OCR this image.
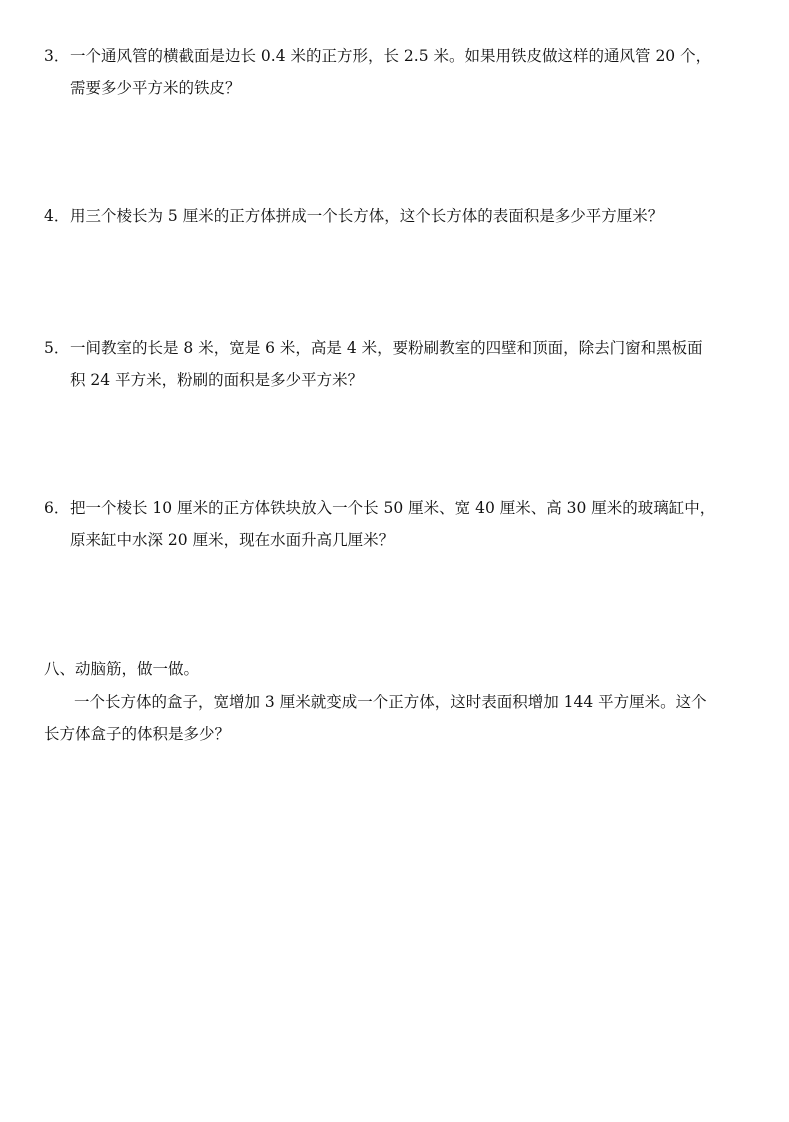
3．一个通风管的横截面是边长 0.4 米的正方形，长 2.5 米。如果用铁皮做这样的通风管 20 个，
需要多少平方米的铁皮？
4．用三个棱长为 5 厘米的正方体拼成一个长方体，这个长方体的表面积是多少平方厘米？
5．一间教室的长是 8 米，宽是 6 米，高是 4 米，要粉刷教室的四壁和顶面，除去门窗和黑板面
积 24 平方米，粉刷的面积是多少平方米？
6．把一个棱长 10 厘米的正方体铁块放入一个长 50 厘米、宽 40 厘米、高 30 厘米的玻璃缸中，
原来缸中水深 20 厘米，现在水面升高几厘米？
八、动脑筋，做一做。
一个长方体的盒子，宽增加 3 厘米就变成一个正方体，这时表面积增加 144 平方厘米。这个
长方体盒子的体积是多少？
